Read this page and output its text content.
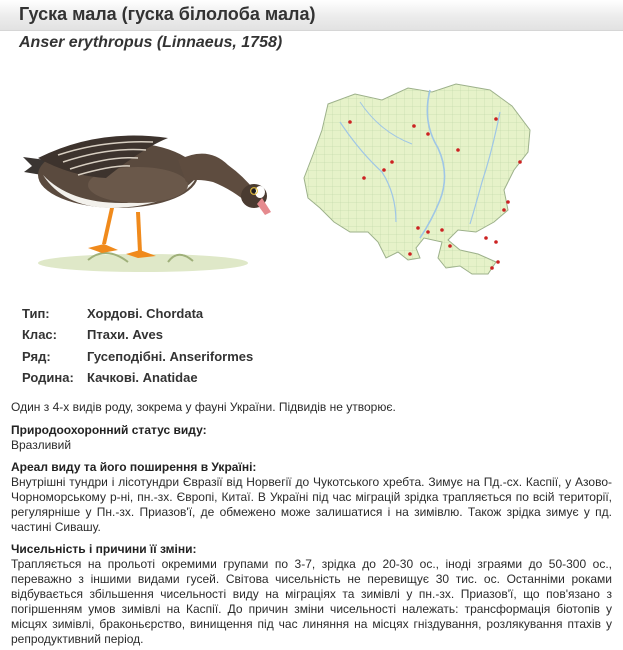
Гуска мала (гуска білолоба мала)
Anser erythropus (Linnaeus, 1758)
Тип:	Хордові. Chordata
Клас: Птахи. Aves
Ряд:	Гусеподібні. Anseriformes
Родина: Качкові. Anatidae

Один з 4-х видів роду, зокрема у фауні України. Підвидів не утворює.

Природоохоронний статус виду:

Вразливий

Ареал виду та його поширення в Україні:

Внутрішні тундри і лісотундри Євразії від Норвегії до Чукотського хребта. Зимує на Пд.-сх. Каспії, у Азово-Чорноморському р-ні, пн.-зх. Європі, Китаї. В Україні під час міграцій зрідка трапляється по всій території, регулярніше у Пн.-зх. Приазов'ї, де обмежено може залишатися і на зимівлю. Також зрідка зимує у пд. частині Сивашу.

Чисельність і причини її зміни:

Трапляється на прольоті окремими групами по 3-7, зрідка до 20-30 ос., іноді зграями до 50-300 ос., переважно з іншими видами гусей. Світова чисельність не перевищує 30 тис. ос. Останніми роками відбувається збільшення чисельності виду на міграціях та зимівлі у пн.-зх. Приазов'ї, що пов'язано з погіршенням умов зимівлі на Каспії. До причин зміни чисельності належать: трансформація біотопів у місцях зимівлі, браконьєрство, винищення під час линяння на місцях гніздування, розлякування птахів у репродуктивний період.
